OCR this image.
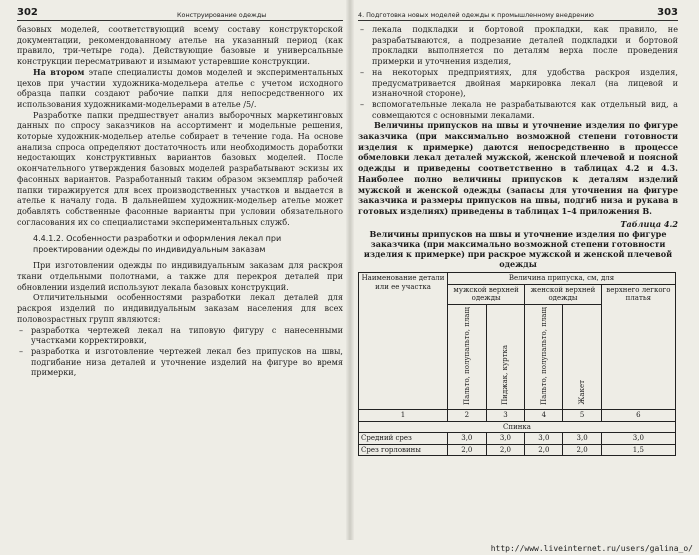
302	Конструирование одежды

базовых моделей, соответствующий всему составу конструкторской документации, рекомендованному ателье на указанный период (как правило, три-четыре года). Действующие базовые и универсальные конструкции пересматривают и изымают устаревшие конструкции.

На втором этапе специалисты домов моделей и экспериментальных цехов при участии художника-модельера ателье с учетом исходного образца папки создают рабочие папки для непосредственного их использования художниками-модельерами в ателье /5/.

Разработке папки предшествует анализ выборочных маркетинговых данных по спросу заказчиков на ассортимент и модельные решения, которые художник-модельер ателье собирает в течение года. На основе анализа спроса определяют достаточность или необходимость доработки недостающих конструктивных вариантов базовых моделей. После окончательного утверждения базовых моделей разрабатывают эскизы их фасонных вариантов. Разработанный таким образом экземпляр рабочей папки тиражируется для всех производственных участков и выдается в ателье к началу года. В дальнейшем художник-модельер ателье может добавлять собственные фасонные варианты при условии обязательного согласования их со специалистами экспериментальных служб.

4.4.1.2. Особенности разработки и оформления лекал при проектировании одежды по индивидуальным заказам

При изготовлении одежды по индивидуальным заказам для раскроя ткани отдельными полотнами, а также для перекроя деталей при обновлении изделий используют лекала базовых конструкций.

Отличительными особенностями разработки лекал деталей для раскроя изделий по индивидуальным заказам населения для всех половозрастных групп являются:

– разработка чертежей лекал на типовую фигуру с нанесенными участками корректировки,
– разработка и изготовление чертежей лекал без припусков на швы, подгибание низа деталей и уточнение изделий на фигуре во время примерки,
4. Подготовка новых моделей одежды к промышленному внедрению	303
– лекала подкладки и бортовой прокладки, как правило, не разрабатываются, а подрезание деталей подкладки и бортовой прокладки выполняется по деталям верха после проведения примерки и уточнения изделия,
– на некоторых предприятиях, для удобства раскроя изделия, предусматривается двойная маркировка лекал (на лицевой и изнаночной стороне),
– вспомогательные лекала не разрабатываются как отдельный вид, а совмещаются с основными лекалами.

Величины припусков на швы и уточнение изделия по фигуре заказчика (при максимально возможной степени готовности изделия к примерке) даются непосредственно в процессе обмеловки лекал деталей мужской, женской плечевой и поясной одежды и приведены соответственно в таблицах 4.2 и 4.3. Наиболее полно величины припусков к деталям изделий мужской и женской одежды (запасы для уточнения на фигуре заказчика и размеры припусков на швы, подгиб низа и рукава в готовых изделиях) приведены в таблицах 1–4 приложения В.

Таблица 4.2
Величины припусков на швы и уточнение изделия по фигуре заказчика (при максимально возможной степени готовности изделия к примерке) при раскрое мужской и женской плечевой одежды
Наименование детали или ее участка	Величина припуска, см, для				
	мужской верхней одежды		женской верхней одежды		верхнего легкого платья
	Пальто, полупальто, плащ	Пиджак, куртка	Пальто, полупальто, плащ	Жакет	
1	2	3	4	5	6
Спинка					
Средний срез	3,0	3,0	3,0	3,0	3,0
Срез горловины	2,0	2,0	2,0	2,0	1,5
http://www.liveinternet.ru/users/galina_o/
